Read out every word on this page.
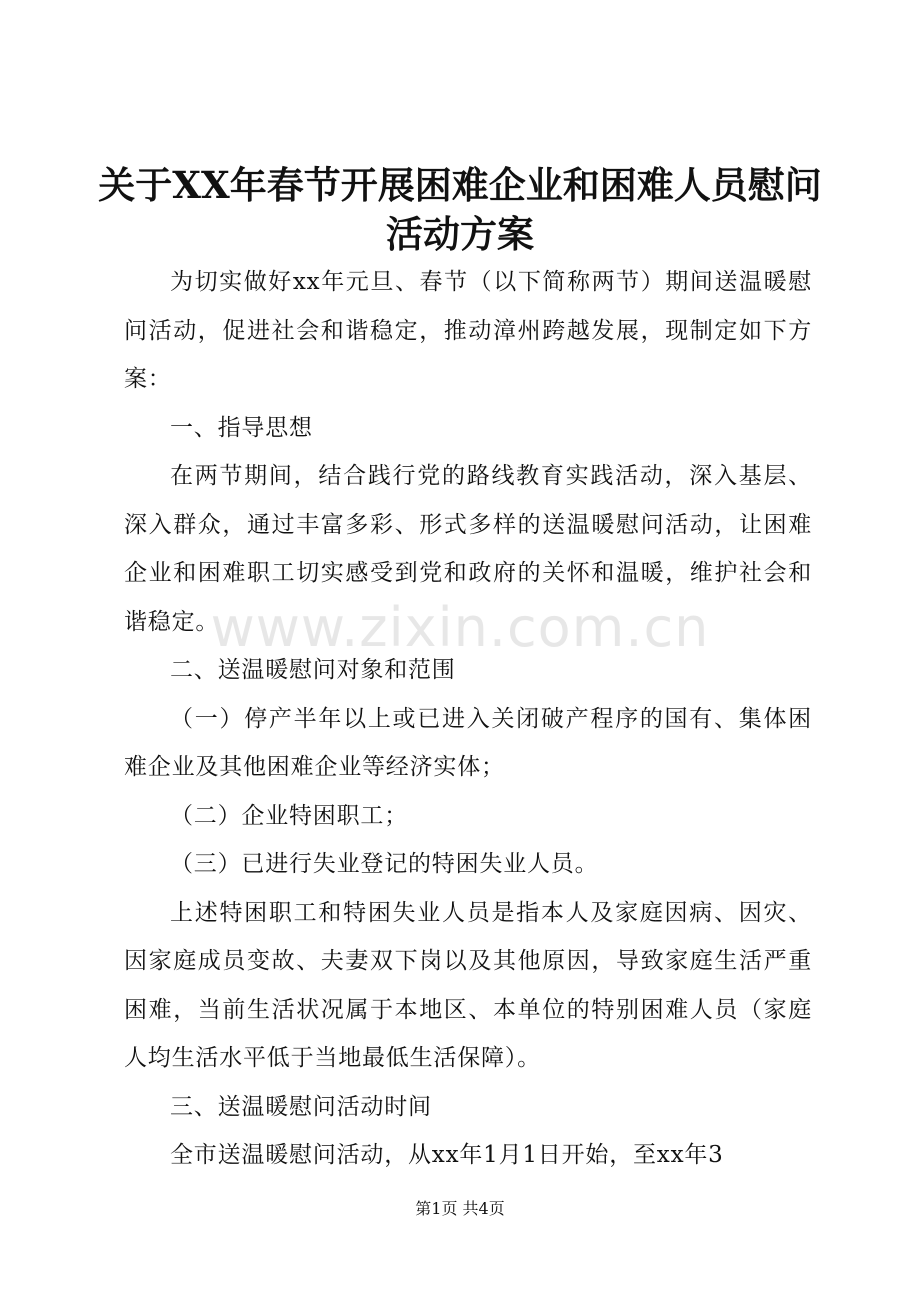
关于XX年春节开展困难企业和困难人员慰问
活动方案

为切实做好xx年元旦、春节（以下简称两节）期间送温暖慰问活动，促进社会和谐稳定，推动漳州跨越发展，现制定如下方案：

一、指导思想

在两节期间，结合践行党的路线教育实践活动，深入基层、深入群众，通过丰富多彩、形式多样的送温暖慰问活动，让困难企业和困难职工切实感受到党和政府的关怀和温暖，维护社会和谐稳定。

二、送温暖慰问对象和范围

（一）停产半年以上或已进入关闭破产程序的国有、集体困难企业及其他困难企业等经济实体；

（二）企业特困职工；

（三）已进行失业登记的特困失业人员。

上述特困职工和特困失业人员是指本人及家庭因病、因灾、因家庭成员变故、夫妻双下岗以及其他原因，导致家庭生活严重困难，当前生活状况属于本地区、本单位的特别困难人员（家庭人均生活水平低于当地最低生活保障）。

三、送温暖慰问活动时间

全市送温暖慰问活动，从xx年1月1日开始，至xx年3

www.zixin.com.cn
第1页 共4页
